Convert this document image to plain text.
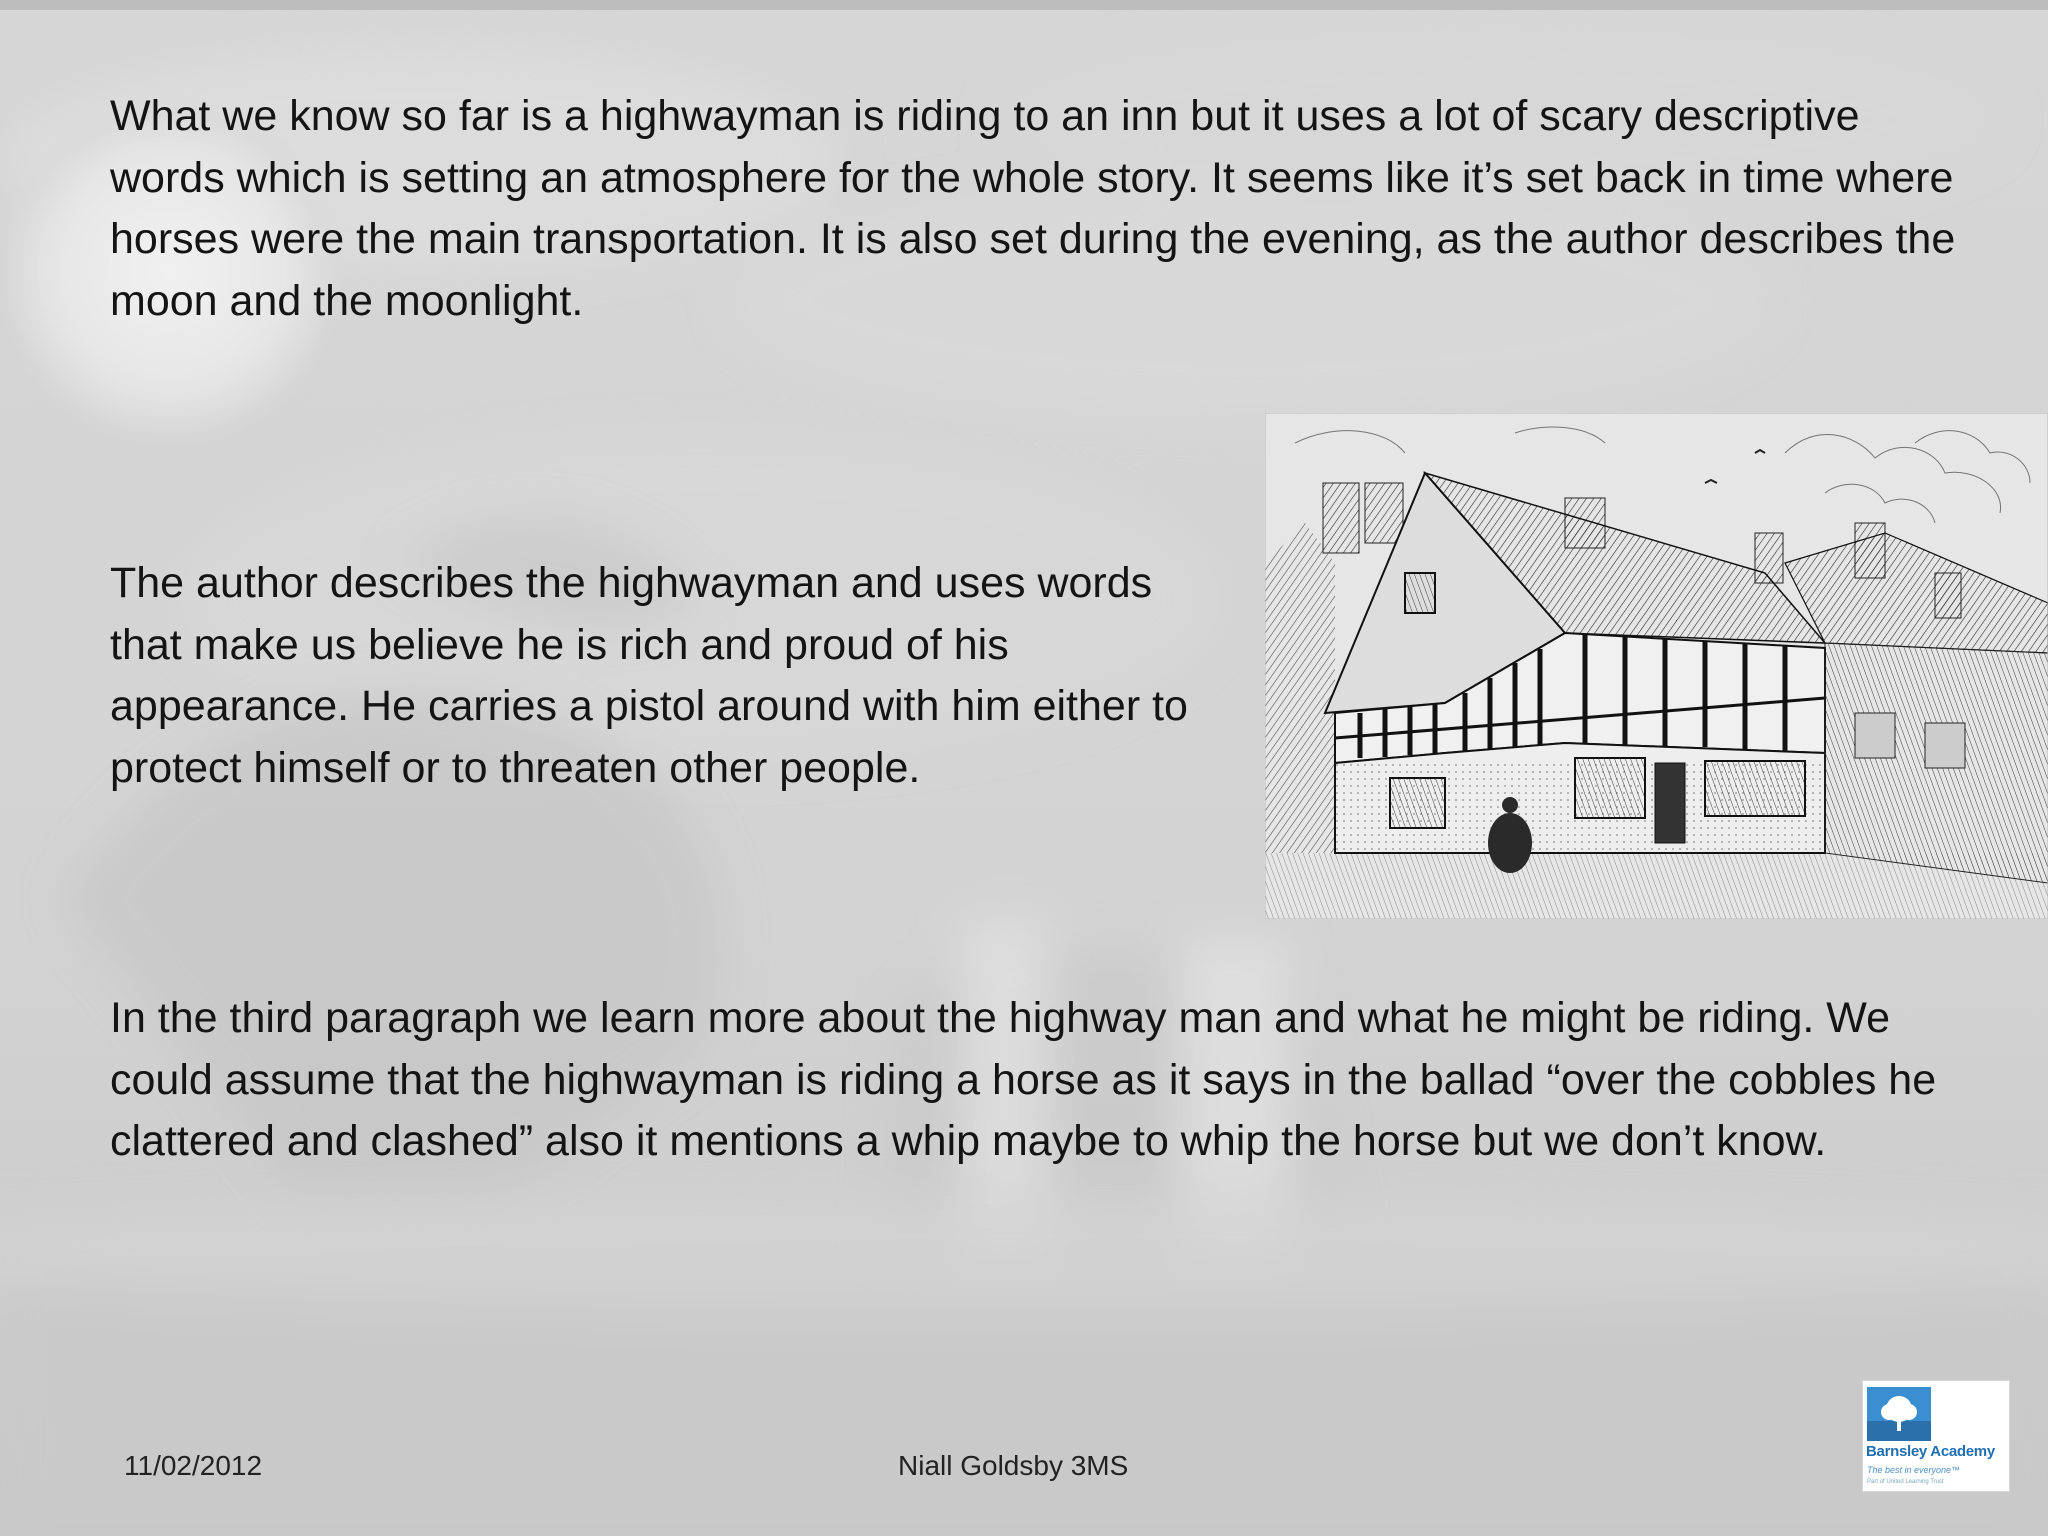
What we know so far is a highwayman is riding to an inn but it uses a lot of scary descriptive words which is setting an atmosphere for the whole story. It seems like it’s set back in time where horses were the main transportation. It is also set during the evening, as the author describes the moon and the moonlight.

The author describes the highwayman and uses words that make us believe he is rich and proud of his appearance. He carries a pistol around with him either to protect himself or to threaten other people.

In the third paragraph we learn more about the highway man and what he might be riding. We could assume that the highwayman is riding a horse as it says in the ballad “over the cobbles he clattered and clashed” also it mentions a whip maybe to whip the horse but we don’t know.

11/02/2012	Niall Goldsby 3MS	Barnsley Academy
The best in everyone™
Part of United Learning Trust
